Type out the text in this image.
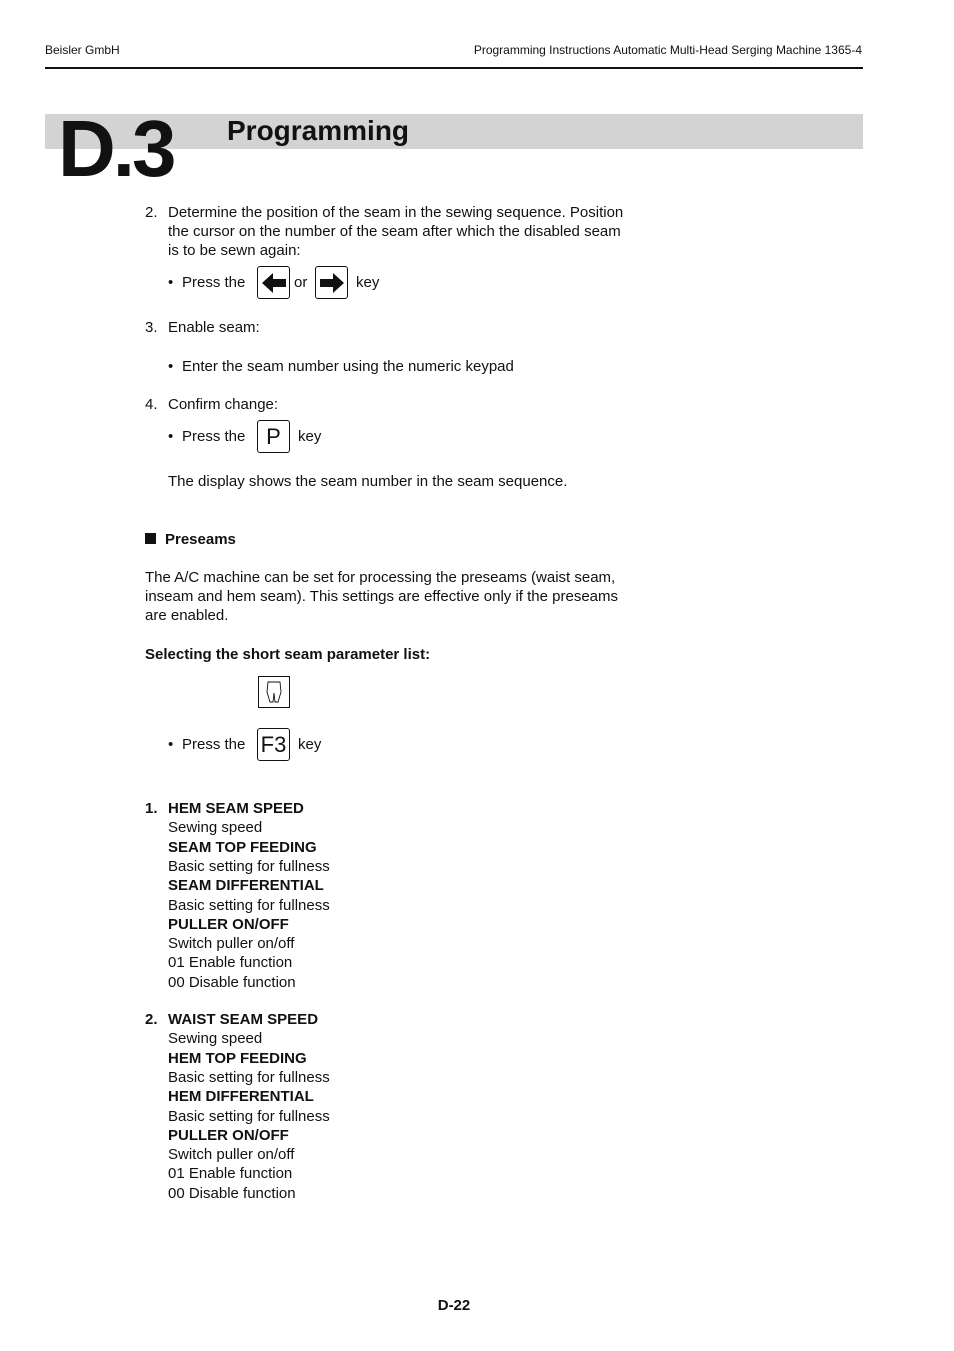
Beisler GmbH	Programming Instructions Automatic Multi-Head Serging Machine 1365-4
D.3 Programming
2. Determine the position of the seam in the sewing sequence. Position
the cursor on the number of the seam after which the disabled seam
is to be sewn again:
• Press the	or	key
3. Enable seam:
• Enter the seam number using the numeric keypad
4. Confirm change:
• Press the P key
The display shows the seam number in the seam sequence.
Preseams
The A/C machine can be set for processing the preseams (waist seam,
inseam and hem seam). This settings are effective only if the preseams
are enabled.
Selecting the short seam parameter list:
• Press the F3 key
1. HEM SEAM SPEED
Sewing speed
SEAM TOP FEEDING
Basic setting for fullness
SEAM DIFFERENTIAL
Basic setting for fullness
PULLER ON/OFF
Switch puller on/off
01 Enable function
00 Disable function
2. WAIST SEAM SPEED
Sewing speed
HEM TOP FEEDING
Basic setting for fullness
HEM DIFFERENTIAL
Basic setting for fullness
PULLER ON/OFF
Switch puller on/off
01 Enable function
00 Disable function
D-22
